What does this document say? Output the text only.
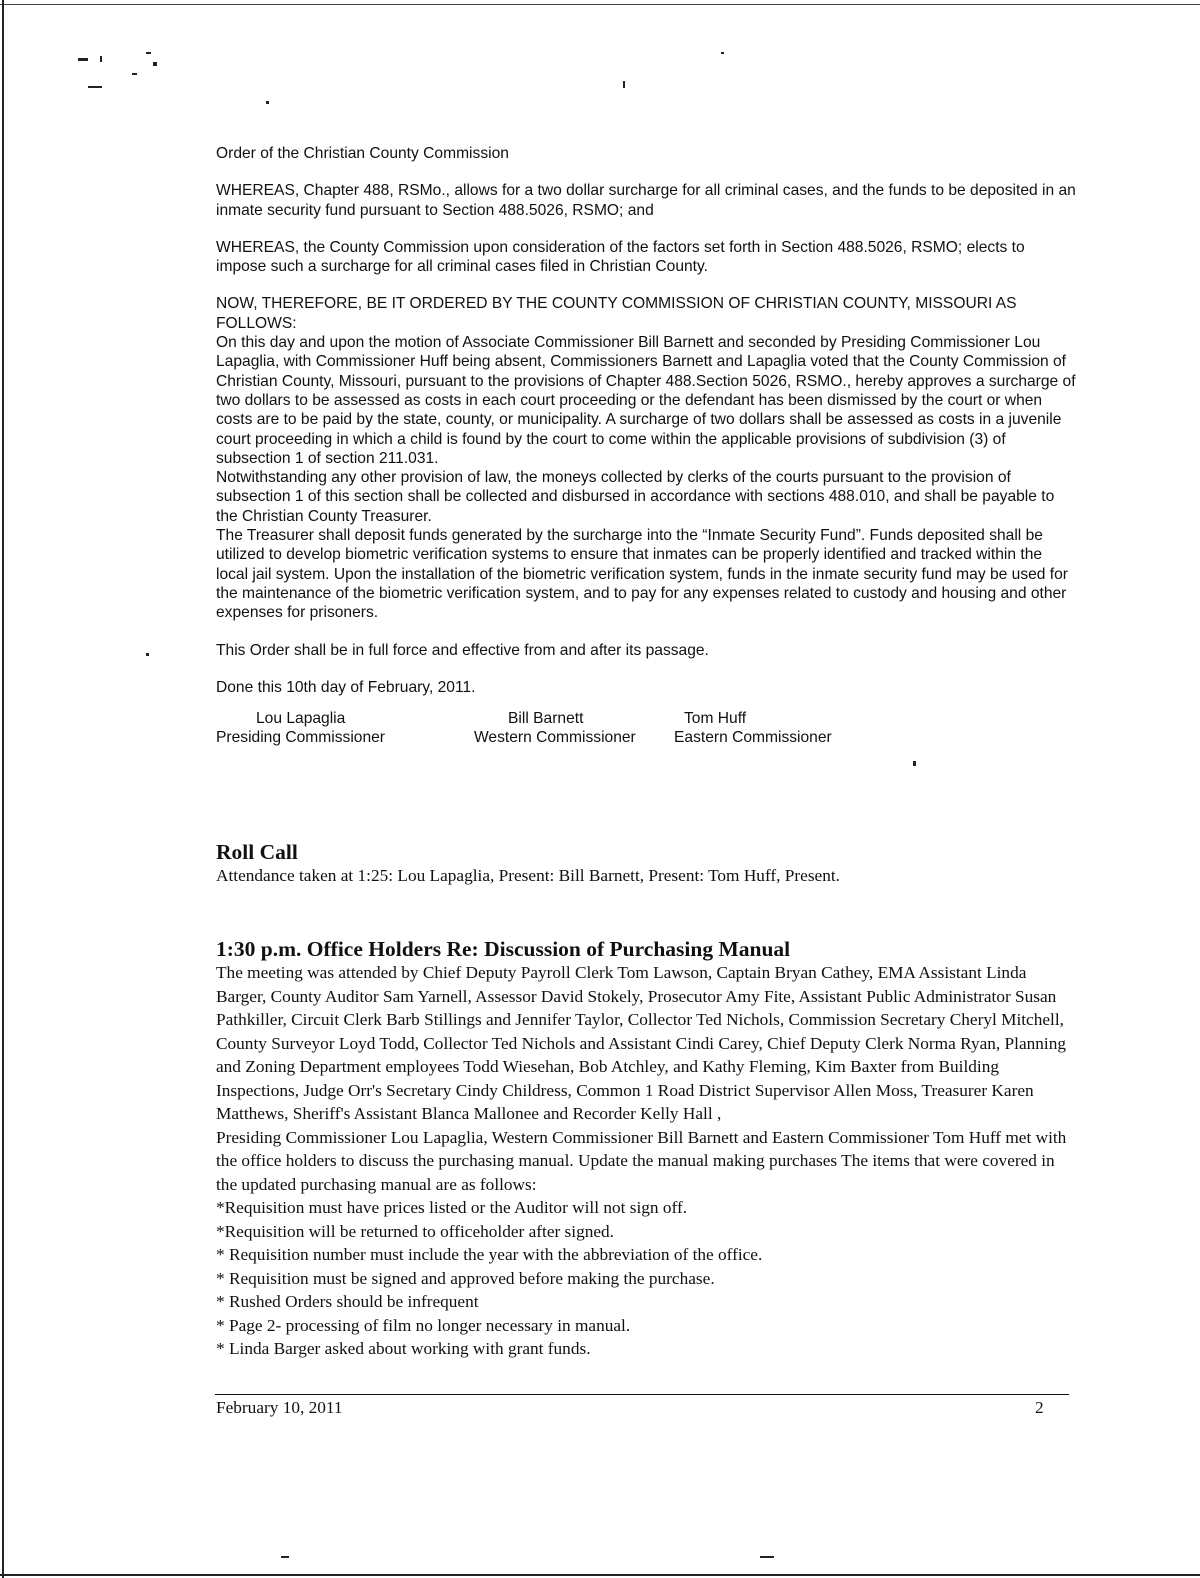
Order of the Christian County Commission

WHEREAS, Chapter 488, RSMo., allows for a two dollar surcharge for all criminal cases, and the funds to be deposited in an inmate security fund pursuant to Section 488.5026, RSMO; and

WHEREAS, the County Commission upon consideration of the factors set forth in Section 488.5026, RSMO; elects to impose such a surcharge for all criminal cases filed in Christian County.

NOW, THEREFORE, BE IT ORDERED BY THE COUNTY COMMISSION OF CHRISTIAN COUNTY, MISSOURI AS FOLLOWS:

On this day and upon the motion of Associate Commissioner Bill Barnett and seconded by Presiding Commissioner Lou Lapaglia, with Commissioner Huff being absent, Commissioners Barnett and Lapaglia voted that the County Commission of Christian County, Missouri, pursuant to the provisions of Chapter 488.Section 5026, RSMO., hereby approves a surcharge of two dollars to be assessed as costs in each court proceeding or the defendant has been dismissed by the court or when costs are to be paid by the state, county, or municipality. A surcharge of two dollars shall be assessed as costs in a juvenile court proceeding in which a child is found by the court to come within the applicable provisions of subdivision (3) of subsection 1 of section 211.031.

Notwithstanding any other provision of law, the moneys collected by clerks of the courts pursuant to the provision of subsection 1 of this section shall be collected and disbursed in accordance with sections 488.010, and shall be payable to the Christian County Treasurer.

The Treasurer shall deposit funds generated by the surcharge into the “Inmate Security Fund”. Funds deposited shall be utilized to develop biometric verification systems to ensure that inmates can be properly identified and tracked within the local jail system. Upon the installation of the biometric verification system, funds in the inmate security fund may be used for the maintenance of the biometric verification system, and to pay for any expenses related to custody and housing and other expenses for prisoners.

This Order shall be in full force and effective from and after its passage.

Done this 10th day of February, 2011.

Lou Lapaglia
Presiding Commissioner
Bill Barnett
Western Commissioner
Tom Huff
Eastern Commissioner
Roll Call

Attendance taken at 1:25: Lou Lapaglia, Present: Bill Barnett, Present: Tom Huff, Present.

1:30 p.m. Office Holders Re: Discussion of Purchasing Manual

The meeting was attended by Chief Deputy Payroll Clerk Tom Lawson, Captain Bryan Cathey, EMA Assistant Linda Barger, County Auditor Sam Yarnell, Assessor David Stokely, Prosecutor Amy Fite, Assistant Public Administrator Susan Pathkiller, Circuit Clerk Barb Stillings and Jennifer Taylor, Collector Ted Nichols, Commission Secretary Cheryl Mitchell, County Surveyor Loyd Todd, Collector Ted Nichols and Assistant Cindi Carey, Chief Deputy Clerk Norma Ryan, Planning and Zoning Department employees Todd Wiesehan, Bob Atchley, and Kathy Fleming, Kim Baxter from Building Inspections, Judge Orr's Secretary Cindy Childress, Common 1 Road District Supervisor Allen Moss, Treasurer Karen Matthews, Sheriff's Assistant Blanca Mallonee and Recorder Kelly Hall ,

Presiding Commissioner Lou Lapaglia, Western Commissioner Bill Barnett and Eastern Commissioner Tom Huff met with the office holders to discuss the purchasing manual. Update the manual making purchases The items that were covered in the updated purchasing manual are as follows:

*Requisition must have prices listed or the Auditor will not sign off.

*Requisition will be returned to officeholder after signed.

* Requisition number must include the year with the abbreviation of the office.

* Requisition must be signed and approved before making the purchase.

* Rushed Orders should be infrequent

* Page 2- processing of film no longer necessary in manual.

* Linda Barger asked about working with grant funds.

February 10, 2011	2
